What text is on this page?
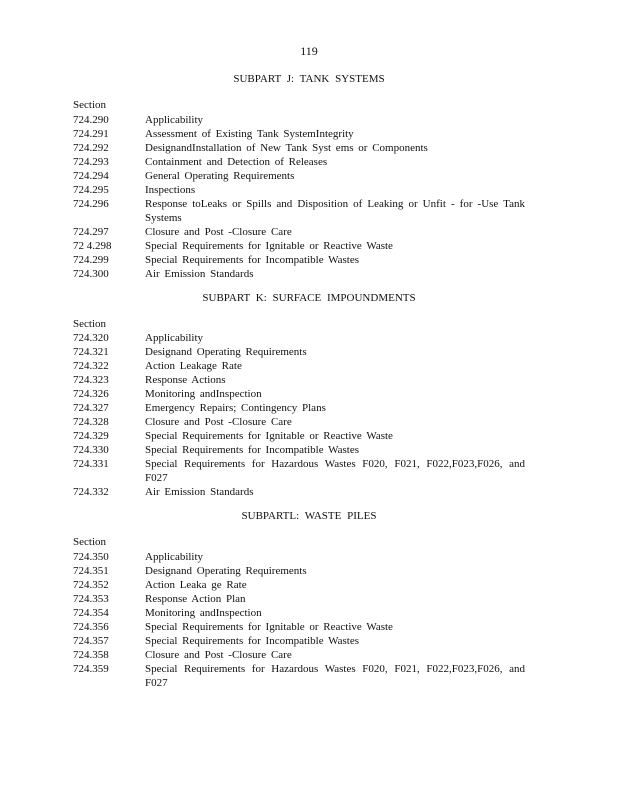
119
SUBPART J: TANK SYSTEMS
Section
724.290	Applicability
724.291	Assessment of Existing Tank SystemIntegrity
724.292	DesignandInstallation of New Tank Syst ems or Components
724.293	Containment and Detection of Releases
724.294	General Operating Requirements
724.295	Inspections
724.296	Response toLeaks or Spills and Disposition of Leaking or Unfit - for -Use Tank Systems
724.297	Closure and Post -Closure Care
72 4.298	Special Requirements for Ignitable or Reactive Waste
724.299	Special Requirements for Incompatible Wastes
724.300	Air Emission Standards
SUBPART K: SURFACE IMPOUNDMENTS
Section
724.320	Applicability
724.321	Designand Operating Requirements
724.322	Action Leakage Rate
724.323	Response Actions
724.326	Monitoring andInspection
724.327	Emergency Repairs; Contingency Plans
724.328	Closure and Post -Closure Care
724.329	Special Requirements for Ignitable or Reactive Waste
724.330	Special Requirements for Incompatible Wastes
724.331	Special Requirements for Hazardous Wastes F020, F021, F022,F023,F026, and F027
724.332	Air Emission Standards
SUBPARTL: WASTE PILES
Section
724.350	Applicability
724.351	Designand Operating Requirements
724.352	Action Leaka ge Rate
724.353	Response Action Plan
724.354	Monitoring andInspection
724.356	Special Requirements for Ignitable or Reactive Waste
724.357	Special Requirements for Incompatible Wastes
724.358	Closure and Post -Closure Care
724.359	Special Requirements for Hazardous Wastes F020, F021, F022,F023,F026, and F027
